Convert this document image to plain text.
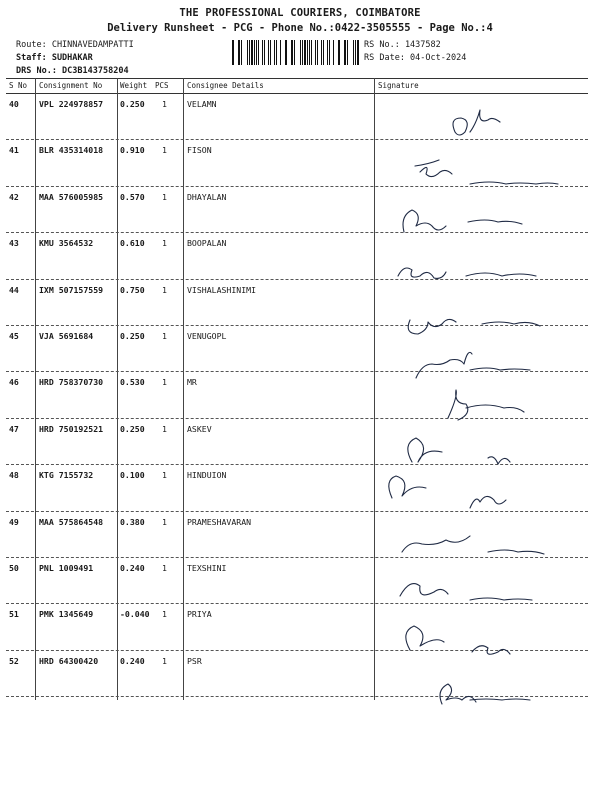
THE PROFESSIONAL COURIERS, COIMBATORE
Delivery Runsheet - PCG - Phone No.:0422-3505555 - Page No.:4
Route: CHINNAVEDAMPATTI
Staff: SUDHAKAR
DRS No.: DC3B143758204
RS No.: 1437582
RS Date: 04-Oct-2024
S No Consignment No Weight PCS Consignee Details	Signature
40 VPL 224978857 0.250 1 VELAMN
41 BLR 435314018 0.910 1 FISON
42 MAA 576005985 0.570 1 DHAYALAN
43 KMU 3564532	0.610 1 BOOPALAN
44 IXM 507157559 0.750 1 VISHALASHINIMI
45 VJA 5691684	0.250 1 VENUGOPL
46 HRD 758370730 0.530 1 MR
47 HRD 750192521 0.250 1 ASKEV
48 KTG 7155732	0.100 1 HINDUION
49 MAA 575864548 0.380 1 PRAMESHAVARAN
50 PNL 1009491	0.240 1 TEXSHINI
51 PMK 1345649	-0.040 1 PRIYA
52 HRD 64300420	0.240 1 PSR
